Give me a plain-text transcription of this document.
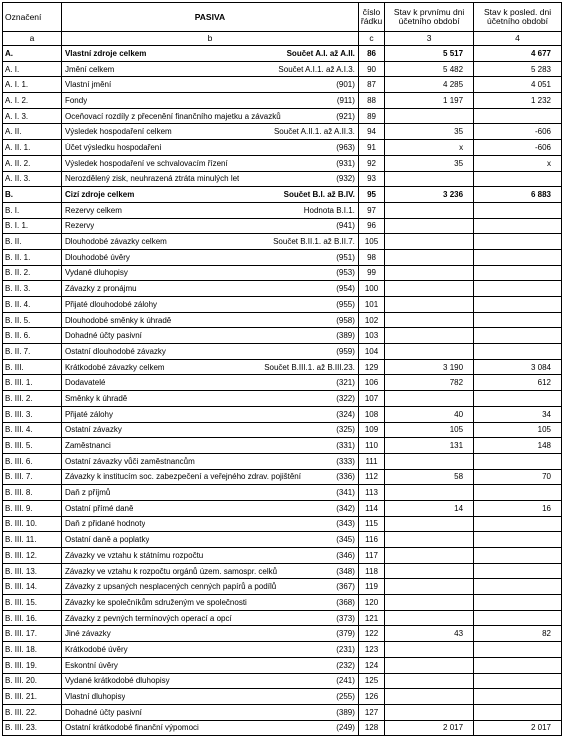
Označení	PASIVA	číslo řádku	Stav k prvnímu dni účetního období	Stav k posled. dni účetního období
a	b	c	3	4
A.	Vlastní zdroje celkem Součet A.I. až A.II.	86	5 517	4 677
A. I.	Jmění celkem Součet A.I.1. až A.I.3.	90	5 482	5 283
A. I. 1.	Vlastní jmění (901)	87	4 285	4 051
A. I. 2.	Fondy (911)	88	1 197	1 232
A. I. 3.	Oceňovací rozdíly z přecenění finančního majetku a závazků (921)	89		
A. II.	Výsledek hospodaření celkem Součet A.II.1. až A.II.3.	94	35	-606
A. II. 1.	Účet výsledku hospodaření (963)	91	x	-606
A. II. 2.	Výsledek hospodaření ve schvalovacím řízení (931)	92	35	x
A. II. 3.	Nerozdělený zisk, neuhrazená ztráta minulých let (932)	93		
B.	Cizí zdroje celkem Součet B.I. až B.IV.	95	3 236	6 883
B. I.	Rezervy celkem Hodnota B.I.1.	97		
B. I. 1.	Rezervy (941)	96		
B. II.	Dlouhodobé závazky celkem Součet B.II.1. až B.II.7.	105		
B. II. 1.	Dlouhodobé úvěry (951)	98		
B. II. 2.	Vydané dluhopisy (953)	99		
B. II. 3.	Závazky z pronájmu (954)	100		
B. II. 4.	Přijaté dlouhodobé zálohy (955)	101		
B. II. 5.	Dlouhodobé směnky k úhradě (958)	102		
B. II. 6.	Dohadné účty pasivní (389)	103		
B. II. 7.	Ostatní dlouhodobé závazky (959)	104		
B. III.	Krátkodobé závazky celkem Součet B.III.1. až B.III.23.	129	3 190	3 084
B. III. 1.	Dodavatelé (321)	106	782	612
B. III. 2.	Směnky k úhradě (322)	107		
B. III. 3.	Přijaté zálohy (324)	108	40	34
B. III. 4.	Ostatní závazky (325)	109	105	105
B. III. 5.	Zaměstnanci (331)	110	131	148
B. III. 6.	Ostatní závazky vůči zaměstnancům (333)	111		
B. III. 7.	Závazky k institucím soc. zabezpečení a veřejného zdrav. pojištění (336)	112	58	70
B. III. 8.	Daň z příjmů (341)	113		
B. III. 9.	Ostatní přímé daně (342)	114	14	16
B. III. 10.	Daň z přidané hodnoty (343)	115		
B. III. 11.	Ostatní daně a poplatky (345)	116		
B. III. 12.	Závazky ve vztahu k státnímu rozpočtu (346)	117		
B. III. 13.	Závazky ve vztahu k rozpočtu orgánů územ. samospr. celků (348)	118		
B. III. 14.	Závazky z upsaných nesplacených cenných papírů a podílů (367)	119		
B. III. 15.	Závazky ke společníkům sdruženým ve společnosti (368)	120		
B. III. 16.	Závazky z pevných termínových operací a opcí (373)	121		
B. III. 17.	Jiné závazky (379)	122	43	82
B. III. 18.	Krátkodobé úvěry (231)	123		
B. III. 19.	Eskontní úvěry (232)	124		
B. III. 20.	Vydané krátkodobé dluhopisy (241)	125		
B. III. 21.	Vlastní dluhopisy (255)	126		
B. III. 22.	Dohadné účty pasivní (389)	127		
B. III. 23.	Ostatní krátkodobé finanční výpomoci (249)	128	2 017	2 017
